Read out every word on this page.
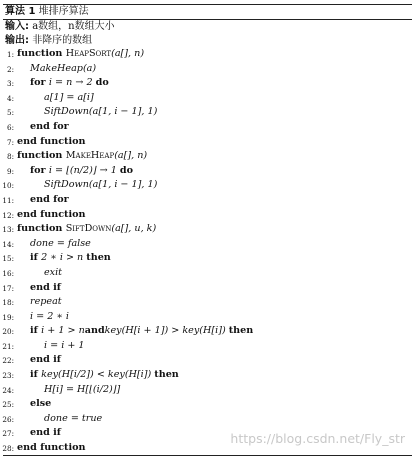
算法 1 堆排序算法
输入: a数组，n数组大小
输出: 非降序的数组
1: function HeapSort(a[], n)
2: MakeHeap(a)
3: for i = n → 2 do
4:	a[1] = a[i]
5:	SiftDown(a[1, i − 1], 1)
6: end for
7: end function
8: function MakeHeap(a[], n)
9: for i = ⌊(n/2)⌋ → 1 do
10:	SiftDown(a[1, i − 1], 1)
11: end for
12: end function
13: function SiftDown(a[], u, k)
14: done = false
15: if 2 ∗ i > n then
16:	exit
17: end if
18: repeat
19: i = 2 ∗ i
20: if i + 1 > nandkey(H[i + 1]) > key(H[i]) then
21:	i = i + 1
22: end if
23: if key(H[i/2]) < key(H[i]) then
24:	H[i] = H[⌊(i/2)⌋]
25: else
26:	done = true
27: end if
28: end function
https://blog.csdn.net/Fly_str
